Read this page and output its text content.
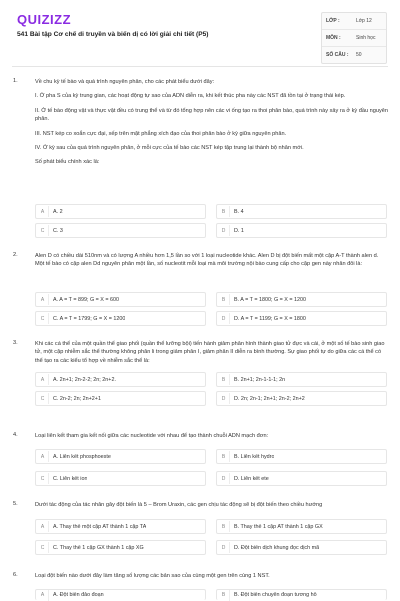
QUIZIZZ
541 Bài tập Cơ chế di truyền và biến dị có lời giải chi tiết (P5)
LỚP :	Lớp 12
MÔN :	Sinh học
SỐ CÂU :	50
1.	Về chu kỳ tế bào và quá trình nguyên phân, cho các phát biểu dưới đây:

I. Ở pha S của kỳ trung gian, các hoạt động tự sao của ADN diễn ra, khi kết thúc pha này các NST đã tồn tại ở trạng thái kép.

II. Ở tế bào động vật và thực vật đều có trung thể và từ đó tổng hợp nên các vi ống tạo ra thoi phân bào, quá trình này xảy ra ở kỳ đầu nguyên phân.

III. NST kép co xoắn cực đại, xếp trên mặt phẳng xích đạo của thoi phân bào ở kỳ giữa nguyên phân.

IV. Ở kỳ sau của quá trình nguyên phân, ở mỗi cực của tế bào các NST kép tập trung lại thành bộ nhân mới.

Số phát biểu chính xác là:

A	A. 2	B	B. 4
C	C. 3	D	D. 1
2.	Alen D có chiều dài 510nm và có lượng A nhiều hơn 1,5 lần so với 1 loại nucleotide khác. Alen D bị đột biến mất một cặp A-T thành alen d. Một tế bào có cặp alen Dd nguyên phân một lần, số nucleotit mỗi loại mà môi trường nội bào cung cấp cho cặp gen này nhân đôi là:

A	A. A = T = 899; G = X = 600	B	B. A = T = 1800; G = X = 1200
C	C. A = T = 1799; G = X = 1200	D	D. A = T = 1199; G = X = 1800
3.	Khi các cá thể của một quần thể giao phối (quần thể lưỡng bội) tiến hành giảm phân hình thành giao tử đực và cái, ở một số tế bào sinh giao tử, một cặp nhiễm sắc thể thường không phân li trong giảm phân I, giảm phân II diễn ra bình thường. Sự giao phối tự do giữa các cá thể có thể tạo ra các kiểu tổ hợp về nhiễm sắc thể là:

A	A. 2n+1; 2n-2-2; 2n; 2n+2.	B	B. 2n+1; 2n-1-1-1; 2n
C	C. 2n-2; 2n; 2n+2+1	D	D. 2n; 2n-1; 2n+1; 2n-2; 2n+2
4.	Loại liên kết tham gia kết nối giữa các nucleotide với nhau để tạo thành chuỗi ADN mạch đơn:

A	A. Liên kết phosphoeste	B	B. Liên kết hydro
C	C. Liên kết ion	D	D. Liên kết ete
5.	Dưới tác động của tác nhân gây đột biến là 5 – Brom Uraxin, các gen chịu tác động sẽ bị đột biến theo chiều hướng

A	A. Thay thế một cặp AT thành 1 cặp TA	B	B. Thay thế 1 cặp AT thành 1 cặp GX
C	C. Thay thế 1 cặp GX thành 1 cặp XG	D	D. Đột biến dịch khung đọc dịch mã
6.	Loại đột biến nào dưới đây làm tăng số lượng các bản sao của cùng một gen trên cùng 1 NST.

A	A. Đột biến đảo đoạn	B	B. Đột biến chuyển đoạn tương hỗ
